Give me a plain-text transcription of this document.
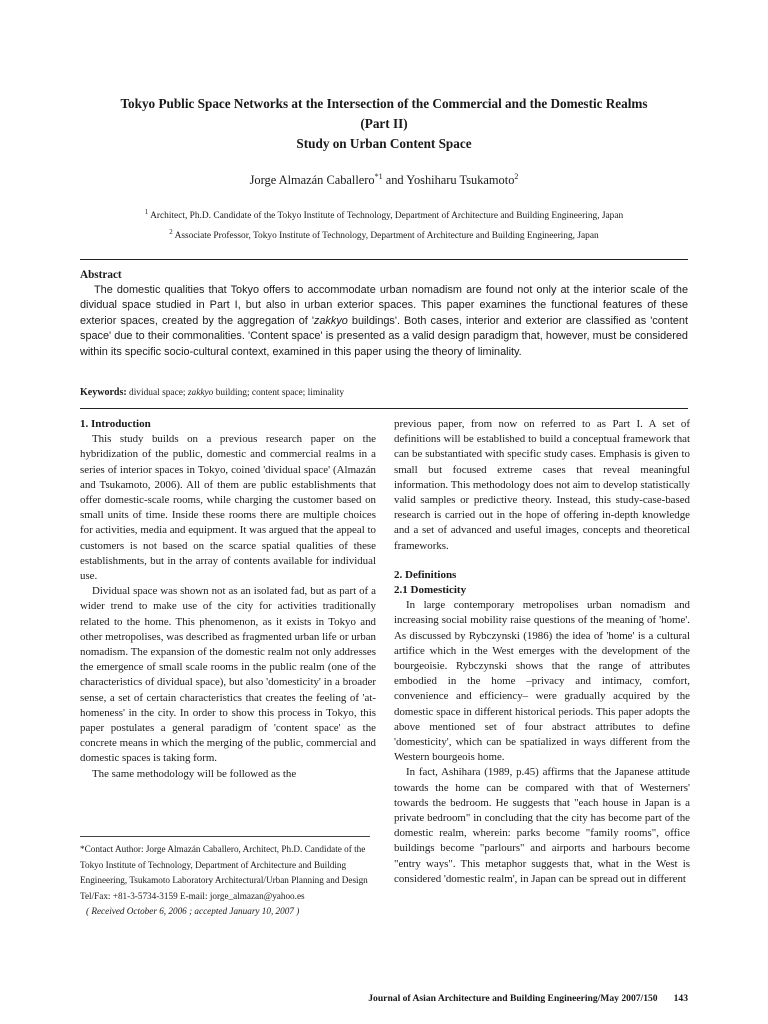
Tokyo Public Space Networks at the Intersection of the Commercial and the Domestic Realms
(Part II)
Study on Urban Content Space

Jorge Almazán Caballero$^{*1}$ and Yoshiharu Tsukamoto$^2$
$^1$ Architect, Ph.D. Candidate of the Tokyo Institute of Technology, Department of Architecture and Building Engineering, Japan
$^2$ Associate Professor, Tokyo Institute of Technology, Department of Architecture and Building Engineering, Japan
Abstract

The domestic qualities that Tokyo offers to accommodate urban nomadism are found not only at the interior scale of the dividual space studied in Part I, but also in urban exterior spaces. This paper examines the functional features of these exterior spaces, created by the aggregation of 'zakkyo buildings'. Both cases, interior and exterior are classified as 'content space' due to their commonalities. 'Content space' is presented as a valid design paradigm that, however, must be considered within its specific socio-cultural context, examined in this paper using the theory of liminality.

Keywords: dividual space; zakkyo building; content space; liminality
1. Introduction

This study builds on a previous research paper on the hybridization of the public, domestic and commercial realms in a series of interior spaces in Tokyo, coined 'dividual space' (Almazán and Tsukamoto, 2006). All of them are public establishments that offer domestic-scale rooms, while charging the customer based on small units of time. Inside these rooms there are multiple choices for activities, media and equipment. It was argued that the appeal to customers is not based on the scarce spatial qualities of these establishments, but in the array of contents available for individual use.

Dividual space was shown not as an isolated fad, but as part of a wider trend to make use of the city for activities traditionally related to the home. This phenomenon, as it exists in Tokyo and other metropolises, was described as fragmented urban life or urban nomadism. The expansion of the domestic realm not only addresses the emergence of small scale rooms in the public realm (one of the characteristics of dividual space), but also 'domesticity' in a broader sense, a set of certain characteristics that creates the feeling of 'at-homeness' in the city. In order to show this process in Tokyo, this paper postulates a general paradigm of 'content space' as the concrete means in which the merging of the public, commercial and domestic spaces is taking form.

The same methodology will be followed as the

*Contact Author: Jorge Almazán Caballero, Architect, Ph.D. Candidate of the Tokyo Institute of Technology, Department of Architecture and Building Engineering, Tsukamoto Laboratory Architectural/Urban Planning and Design
Tel/Fax: +81-3-5734-3159 E-mail: jorge_almazan@yahoo.es
( Received October 6, 2006 ; accepted January 10, 2007 )

previous paper, from now on referred to as Part I. A set of definitions will be established to build a conceptual framework that can be substantiated with specific study cases. Emphasis is given to small but focused extreme cases that reveal meaningful information. This methodology does not aim to develop statistically valid samples or predictive theory. Instead, this study-case-based research is carried out in the hope of offering in-depth knowledge and a set of advanced and useful images, concepts and theoretical frameworks.

2. Definitions
2.1 Domesticity

In large contemporary metropolises urban nomadism and increasing social mobility raise questions of the meaning of 'home'. As discussed by Rybczynski (1986) the idea of 'home' is a cultural artifice which in the West emerges with the development of the bourgeoisie. Rybczynski shows that the range of attributes embodied in the home –privacy and intimacy, comfort, convenience and efficiency– were gradually acquired by the domestic space in different historical periods. This paper adopts the above mentioned set of four abstract attributes to define 'domesticity', which can be spatialized in ways different from the Western bourgeois home.

In fact, Ashihara (1989, p.45) affirms that the Japanese attitude towards the home can be compared with that of Westerners' towards the bedroom. He suggests that "each house in Japan is a private bedroom" in concluding that the city has become part of the domestic realm, wherein: parks become "family rooms", office buildings become "parlours" and airports and harbours become "entry ways". This metaphor suggests that, what in the West is considered 'domestic realm', in Japan can be spread out in different

Journal of Asian Architecture and Building Engineering/May 2007/150 143
